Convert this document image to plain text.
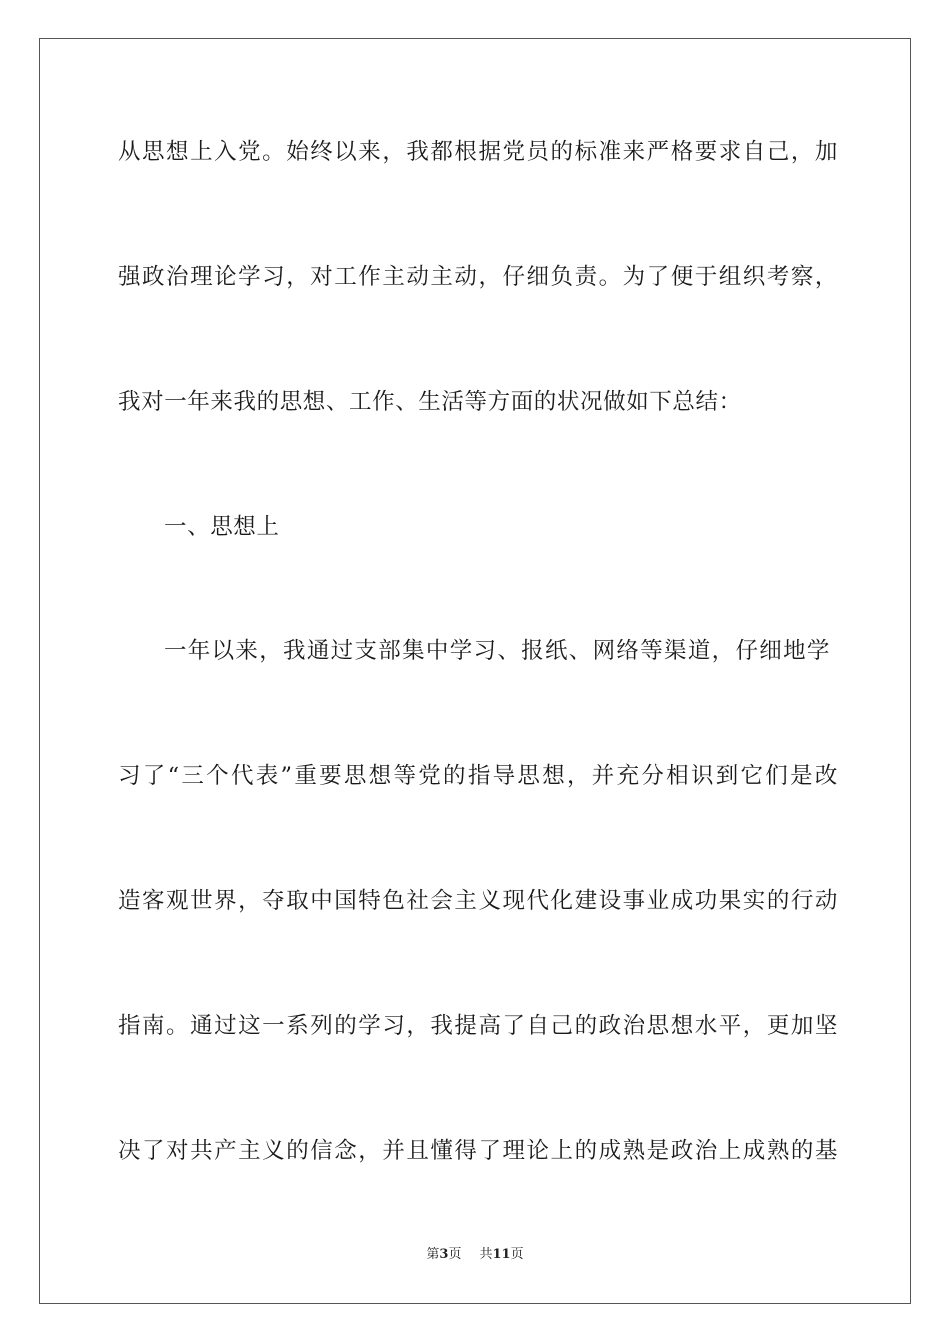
从思想上入党。始终以来，我都根据党员的标准来严格要求自己，加
强政治理论学习，对工作主动主动，仔细负责。为了便于组织考察，
我对一年来我的思想、工作、生活等方面的状况做如下总结：
一、思想上
一年以来，我通过支部集中学习、报纸、网络等渠道，仔细地学
习了“三个代表”重要思想等党的指导思想，并充分相识到它们是改
造客观世界，夺取中国特色社会主义现代化建设事业成功果实的行动
指南。通过这一系列的学习，我提高了自己的政治思想水平，更加坚
决了对共产主义的信念，并且懂得了理论上的成熟是政治上成熟的基
第3页 共11页
